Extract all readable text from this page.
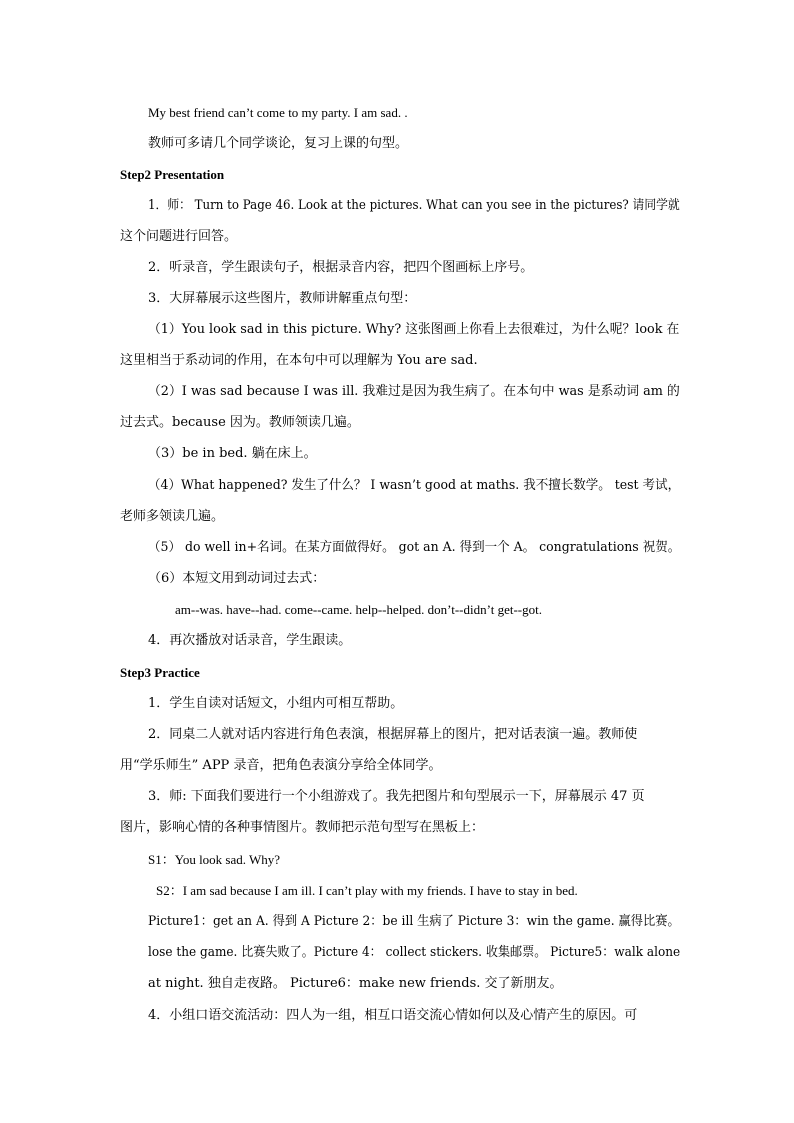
My best friend can’t come to my party. I am sad. .
教师可多请几个同学谈论，复习上课的句型。
Step2 Presentation
1．师： Turn to Page 46. Look at the pictures. What can you see in the pictures? 请同学就
这个问题进行回答。
2．听录音，学生跟读句子，根据录音内容，把四个图画标上序号。
3．大屏幕展示这些图片，教师讲解重点句型：
（1）You look sad in this picture. Why? 这张图画上你看上去很难过，为什么呢？look 在
这里相当于系动词的作用，在本句中可以理解为 You are sad.
（2）I was sad because I was ill. 我难过是因为我生病了。在本句中 was 是系动词 am 的
过去式。because 因为。教师领读几遍。
（3）be in bed. 躺在床上。
（4）What happened? 发生了什么？ I wasn’t good at maths. 我不擅长数学。 test 考试，
老师多领读几遍。
（5） do well in+名词。在某方面做得好。 got an A. 得到一个 A。 congratulations 祝贺。
（6）本短文用到动词过去式：
am--was. have--had. come--came. help--helped. don’t--didn’t get--got.
4．再次播放对话录音，学生跟读。
Step3 Practice
1．学生自读对话短文，小组内可相互帮助。
2．同桌二人就对话内容进行角色表演，根据屏幕上的图片，把对话表演一遍。教师使
用“学乐师生” APP 录音，把角色表演分享给全体同学。
3．师: 下面我们要进行一个小组游戏了。我先把图片和句型展示一下，屏幕展示 47 页
图片，影响心情的各种事情图片。教师把示范句型写在黑板上：
S1：You look sad. Why?
S2：I am sad because I am ill. I can’t play with my friends. I have to stay in bed.
Picture1：get an A. 得到 A Picture 2：be ill 生病了 Picture 3：win the game. 赢得比赛。
lose the game. 比赛失败了。Picture 4： collect stickers. 收集邮票。 Picture5：walk alone
at night. 独自走夜路。 Picture6：make new friends. 交了新朋友。
4．小组口语交流活动：四人为一组，相互口语交流心情如何以及心情产生的原因。可
